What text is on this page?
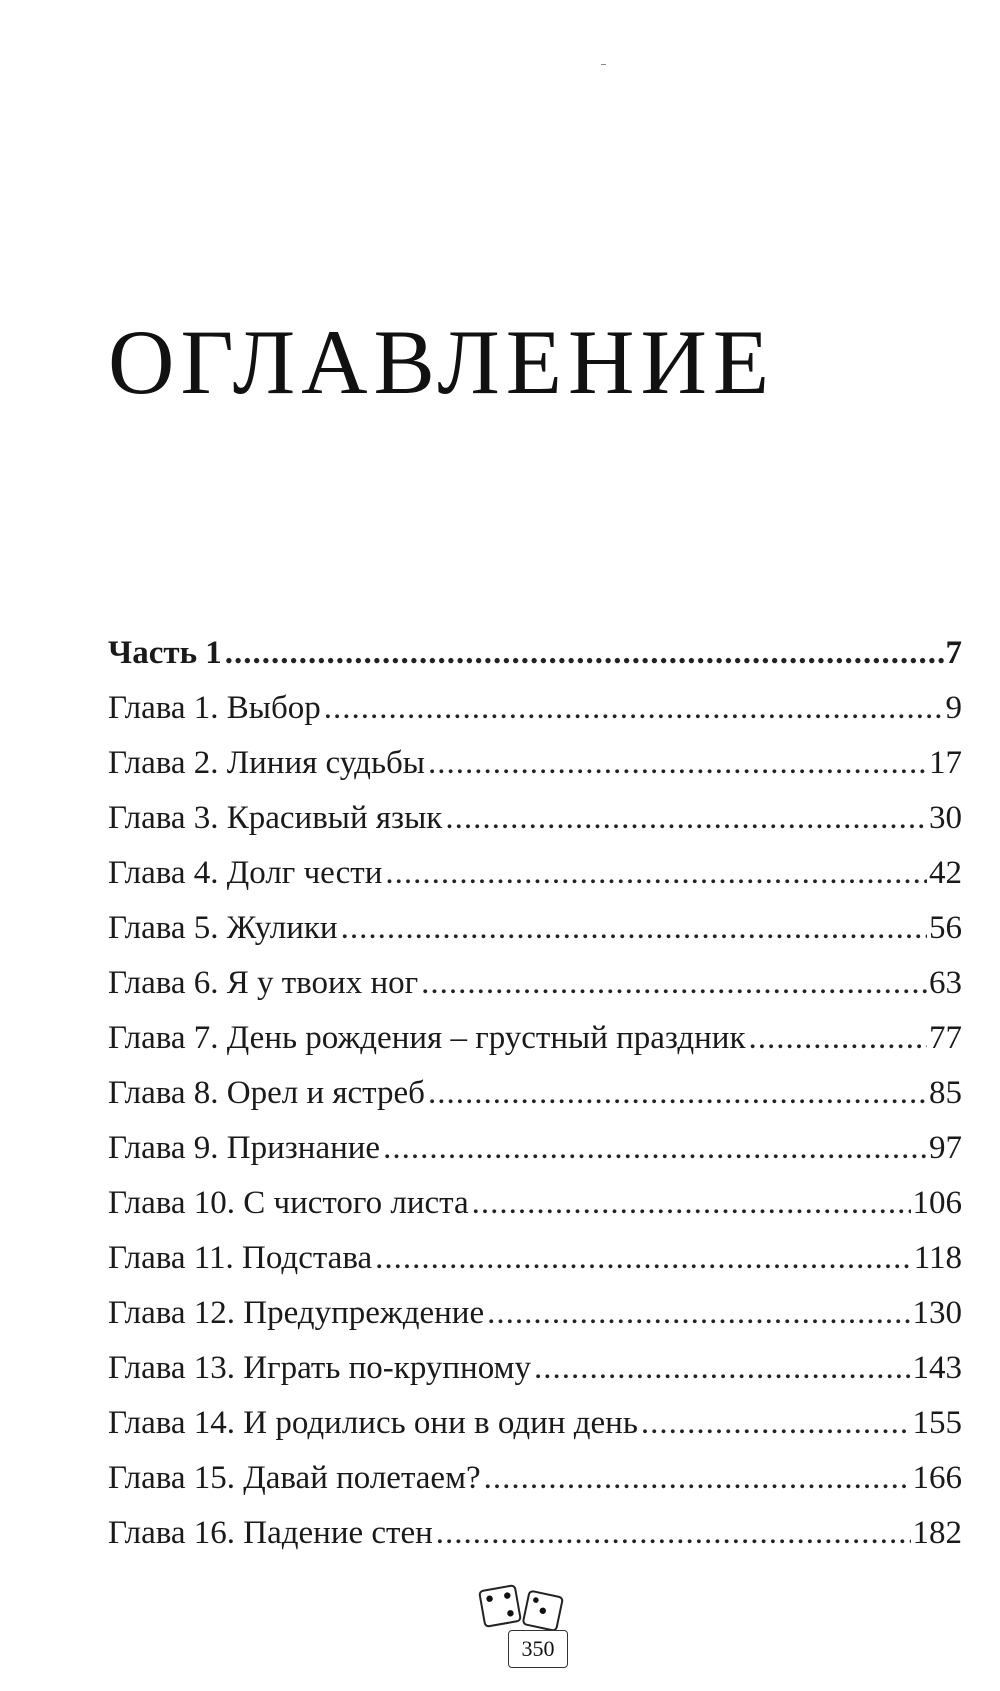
ОГЛАВЛЕНИЕ
Часть 1 .....	7
Глава 1. Выбор .....	9
Глава 2. Линия судьбы .....	17
Глава 3. Красивый язык .....	30
Глава 4. Долг чести .....	42
Глава 5. Жулики .....	56
Глава 6. Я у твоих ног .....	63
Глава 7. День рождения – грустный праздник .....	77
Глава 8. Орел и ястреб .....	85
Глава 9. Признание .....	97
Глава 10. С чистого листа .....	106
Глава 11. Подстава .....	118
Глава 12. Предупреждение .....	130
Глава 13. Играть по-крупному .....	143
Глава 14. И родились они в один день .....	155
Глава 15. Давай полетаем? .....	166
Глава 16. Падение стен .....	182
350
